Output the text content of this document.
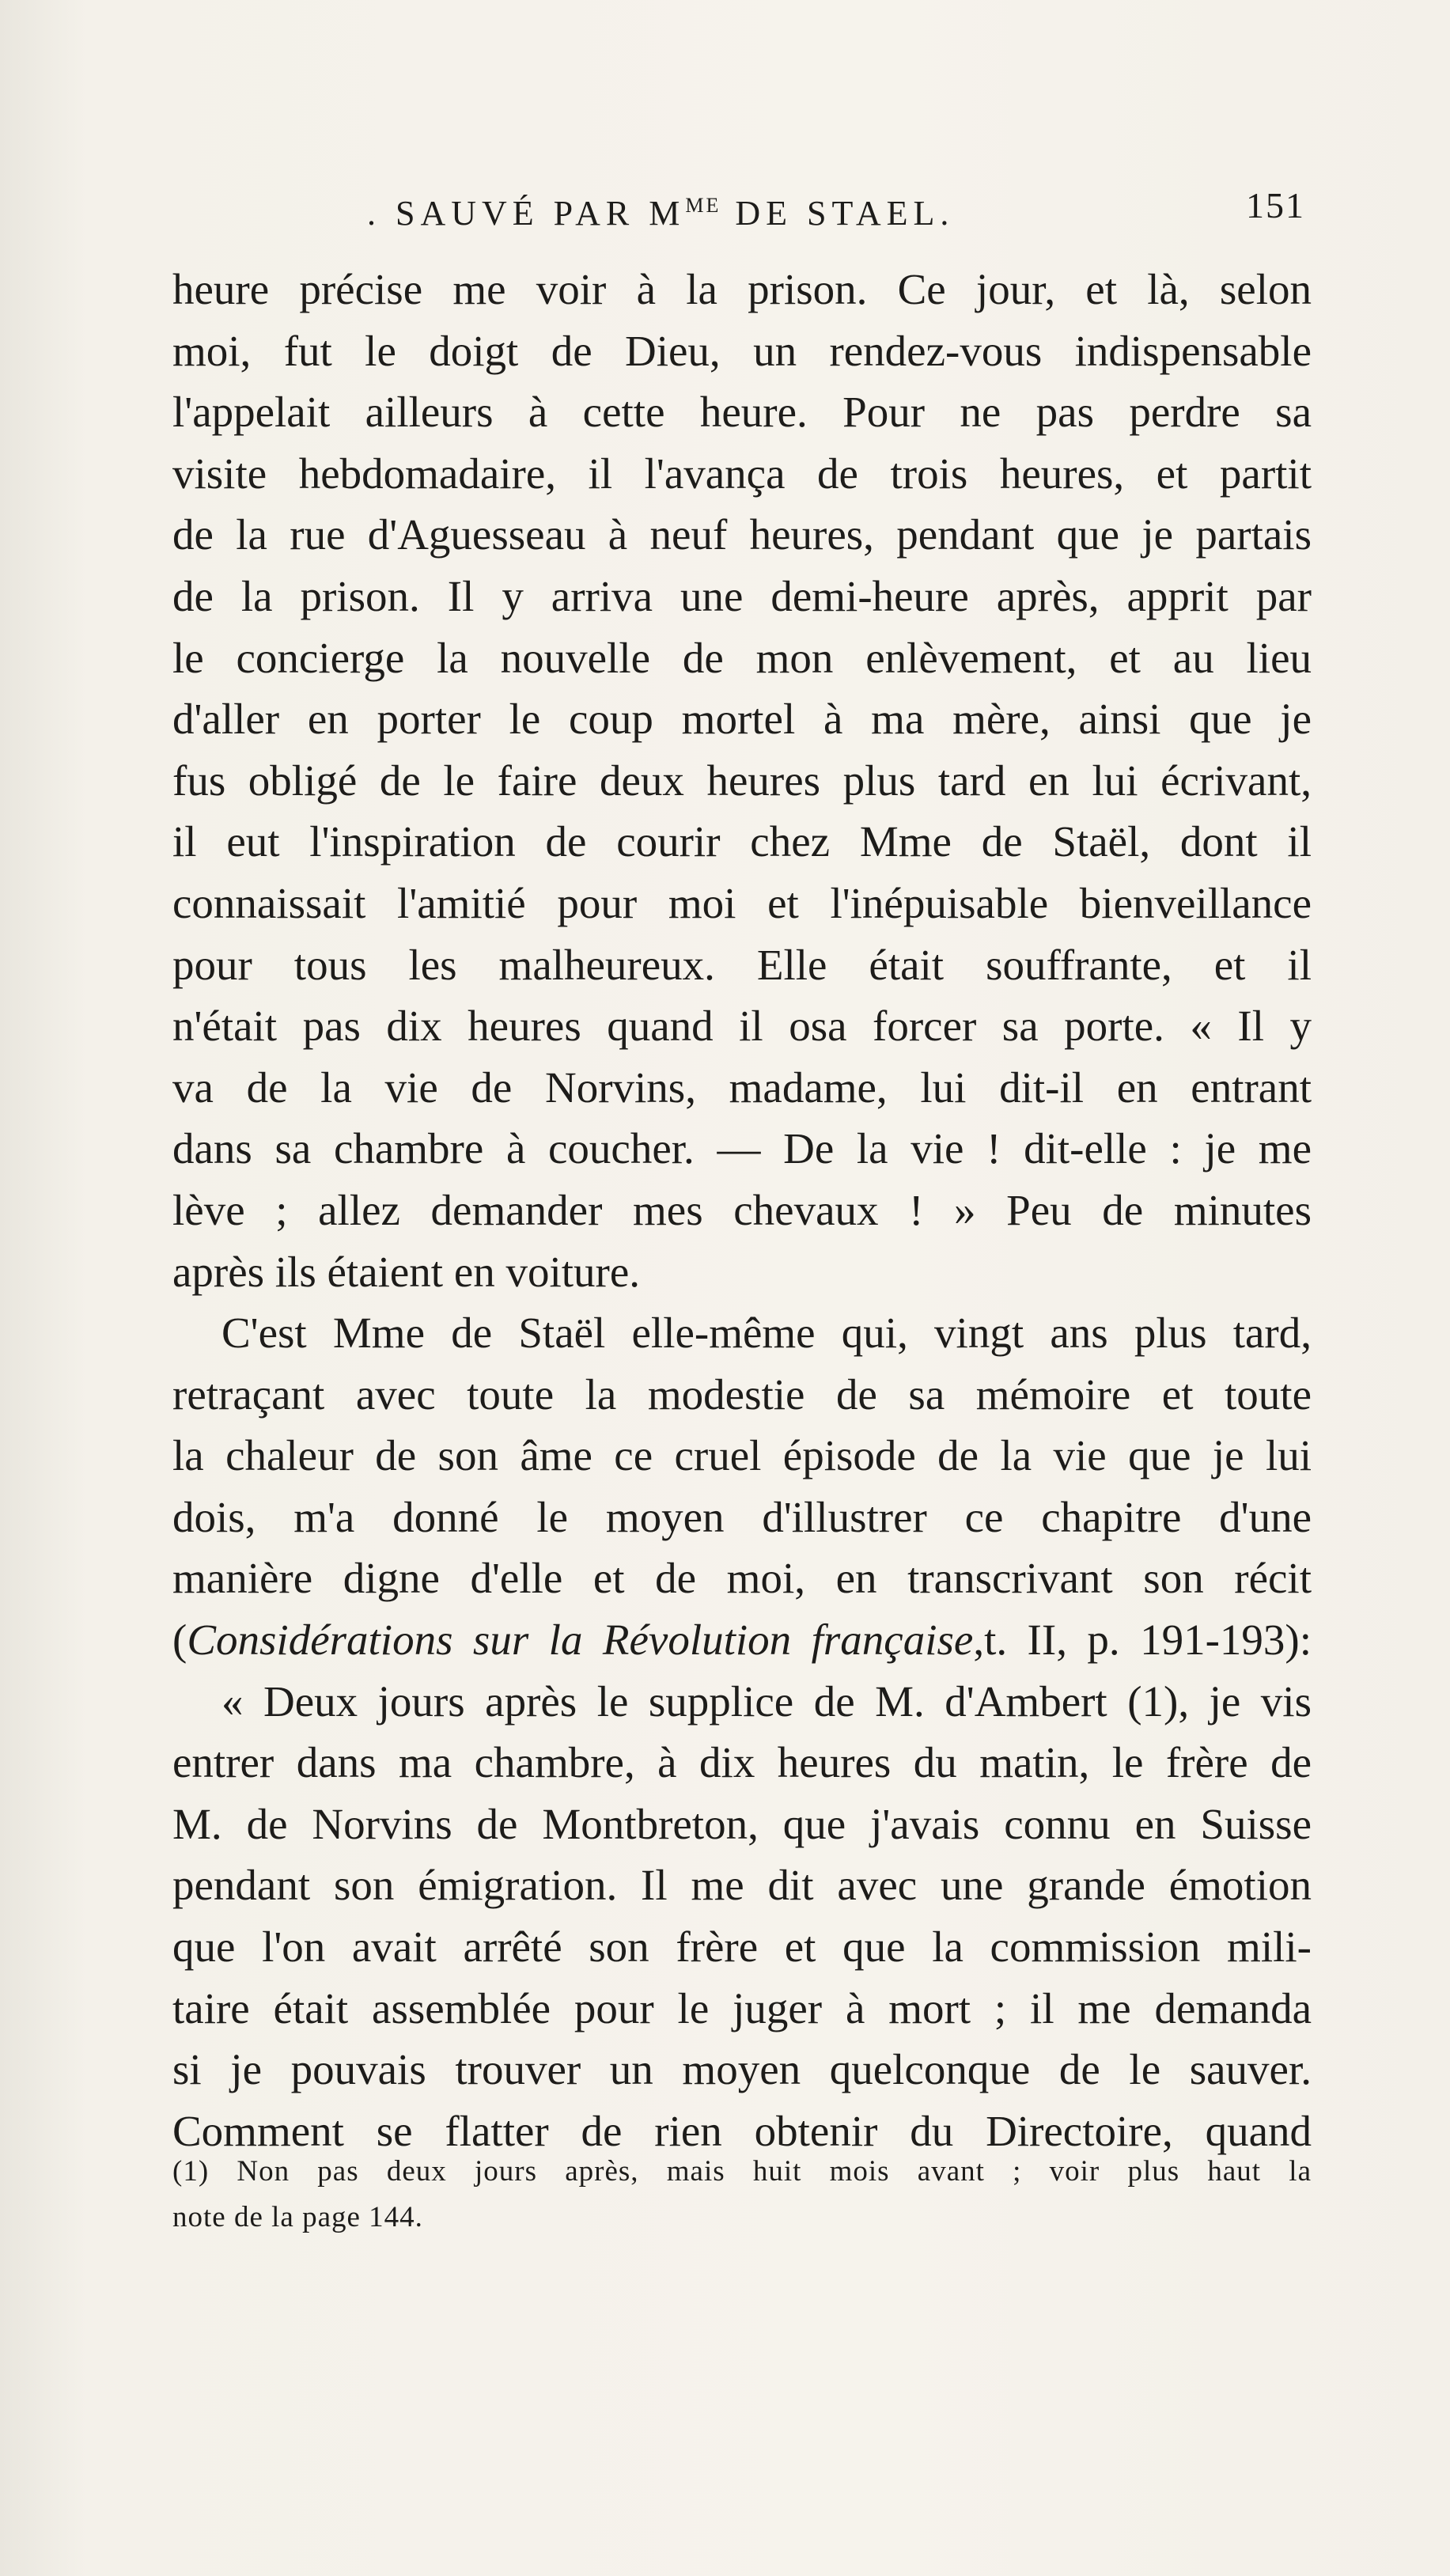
. SAUVÉ PAR $M^{ME}$ DE STAEL.	151
heure précise me voir à la prison. Ce jour, et là, selon
moi, fut le doigt de Dieu, un rendez-vous indispensable
l'appelait ailleurs à cette heure. Pour ne pas perdre sa
visite hebdomadaire, il l'avança de trois heures, et partit
de la rue d'Aguesseau à neuf heures, pendant que je partais
de la prison. Il y arriva une demi-heure après, apprit par
le concierge la nouvelle de mon enlèvement, et au lieu
d'aller en porter le coup mortel à ma mère, ainsi que je
fus obligé de le faire deux heures plus tard en lui écrivant,
il eut l'inspiration de courir chez Mme de Staël, dont il
connaissait l'amitié pour moi et l'inépuisable bienveillance
pour tous les malheureux. Elle était souffrante, et il
n'était pas dix heures quand il osa forcer sa porte. « Il y
va de la vie de Norvins, madame, lui dit-il en entrant
dans sa chambre à coucher. — De la vie ! dit-elle : je me
lève ; allez demander mes chevaux ! » Peu de minutes
après ils étaient en voiture.
C'est Mme de Staël elle-même qui, vingt ans plus tard,
retraçant avec toute la modestie de sa mémoire et toute
la chaleur de son âme ce cruel épisode de la vie que je lui
dois, m'a donné le moyen d'illustrer ce chapitre d'une
manière digne d'elle et de moi, en transcrivant son récit
(Considérations sur la Révolution française,t. II, p. 191-193):
« Deux jours après le supplice de M. d'Ambert (1), je vis
entrer dans ma chambre, à dix heures du matin, le frère de
M. de Norvins de Montbreton, que j'avais connu en Suisse
pendant son émigration. Il me dit avec une grande émotion
que l'on avait arrêté son frère et que la commission mili-
taire était assemblée pour le juger à mort ; il me demanda
si je pouvais trouver un moyen quelconque de le sauver.
Comment se flatter de rien obtenir du Directoire, quand
(1) Non pas deux jours après, mais huit mois avant ; voir plus haut la
note de la page 144.
